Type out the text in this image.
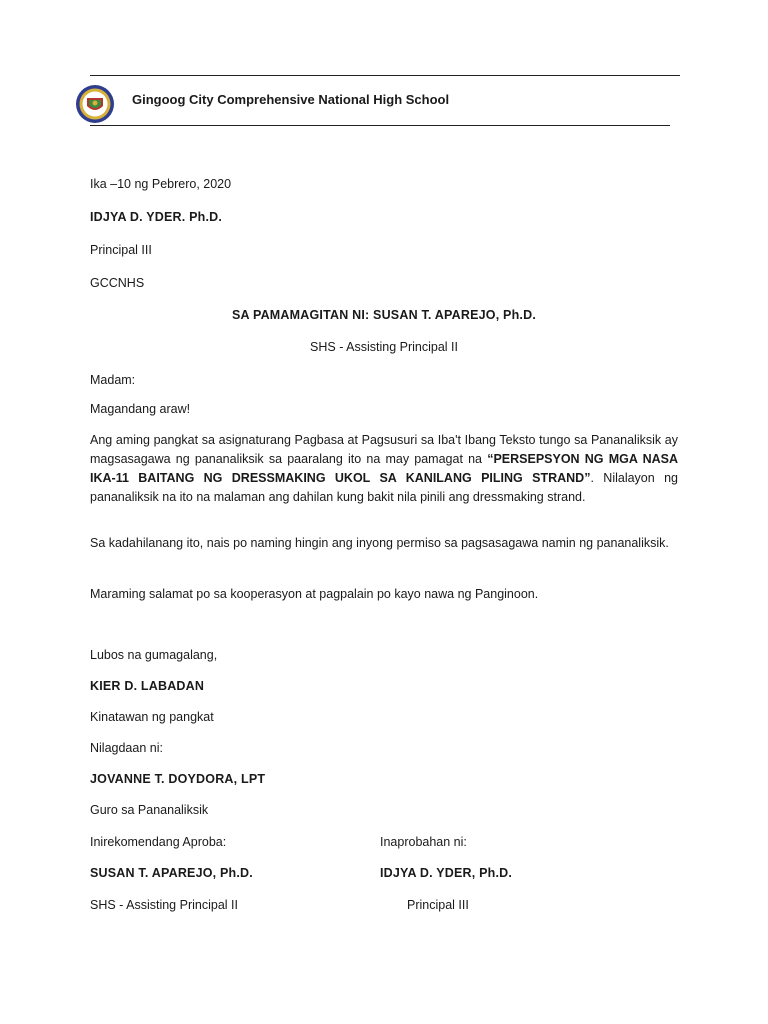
Gingoog City Comprehensive National High School
Ika –10 ng Pebrero, 2020
IDJYA D. YDER. Ph.D.
Principal III
GCCNHS
SA PAMAMAGITAN NI: SUSAN T. APAREJO, Ph.D.
SHS - Assisting Principal II
Madam:
Magandang araw!
Ang aming pangkat sa asignaturang Pagbasa at Pagsusuri sa Iba't Ibang Teksto tungo sa Pananaliksik ay magsasagawa ng pananaliksik sa paaralang ito na may pamagat na “PERSEPSYON NG MGA NASA IKA-11 BAITANG NG DRESSMAKING UKOL SA KANILANG PILING STRAND”. Nilalayon ng pananaliksik na ito na malaman ang dahilan kung bakit nila pinili ang dressmaking strand.
Sa kadahilanang ito, nais po naming hingin ang inyong permiso sa pagsasagawa namin ng pananaliksik.
Maraming salamat po sa kooperasyon at pagpalain po kayo nawa ng Panginoon.
Lubos na gumagalang,
KIER D. LABADAN
Kinatawan ng pangkat
Nilagdaan ni:
JOVANNE T. DOYDORA, LPT
Guro sa Pananaliksik
Inirekomendang Aproba:	Inaprobahan ni:
SUSAN T. APAREJO, Ph.D.	IDJYA D. YDER, Ph.D.
SHS - Assisting Principal II	Principal III
